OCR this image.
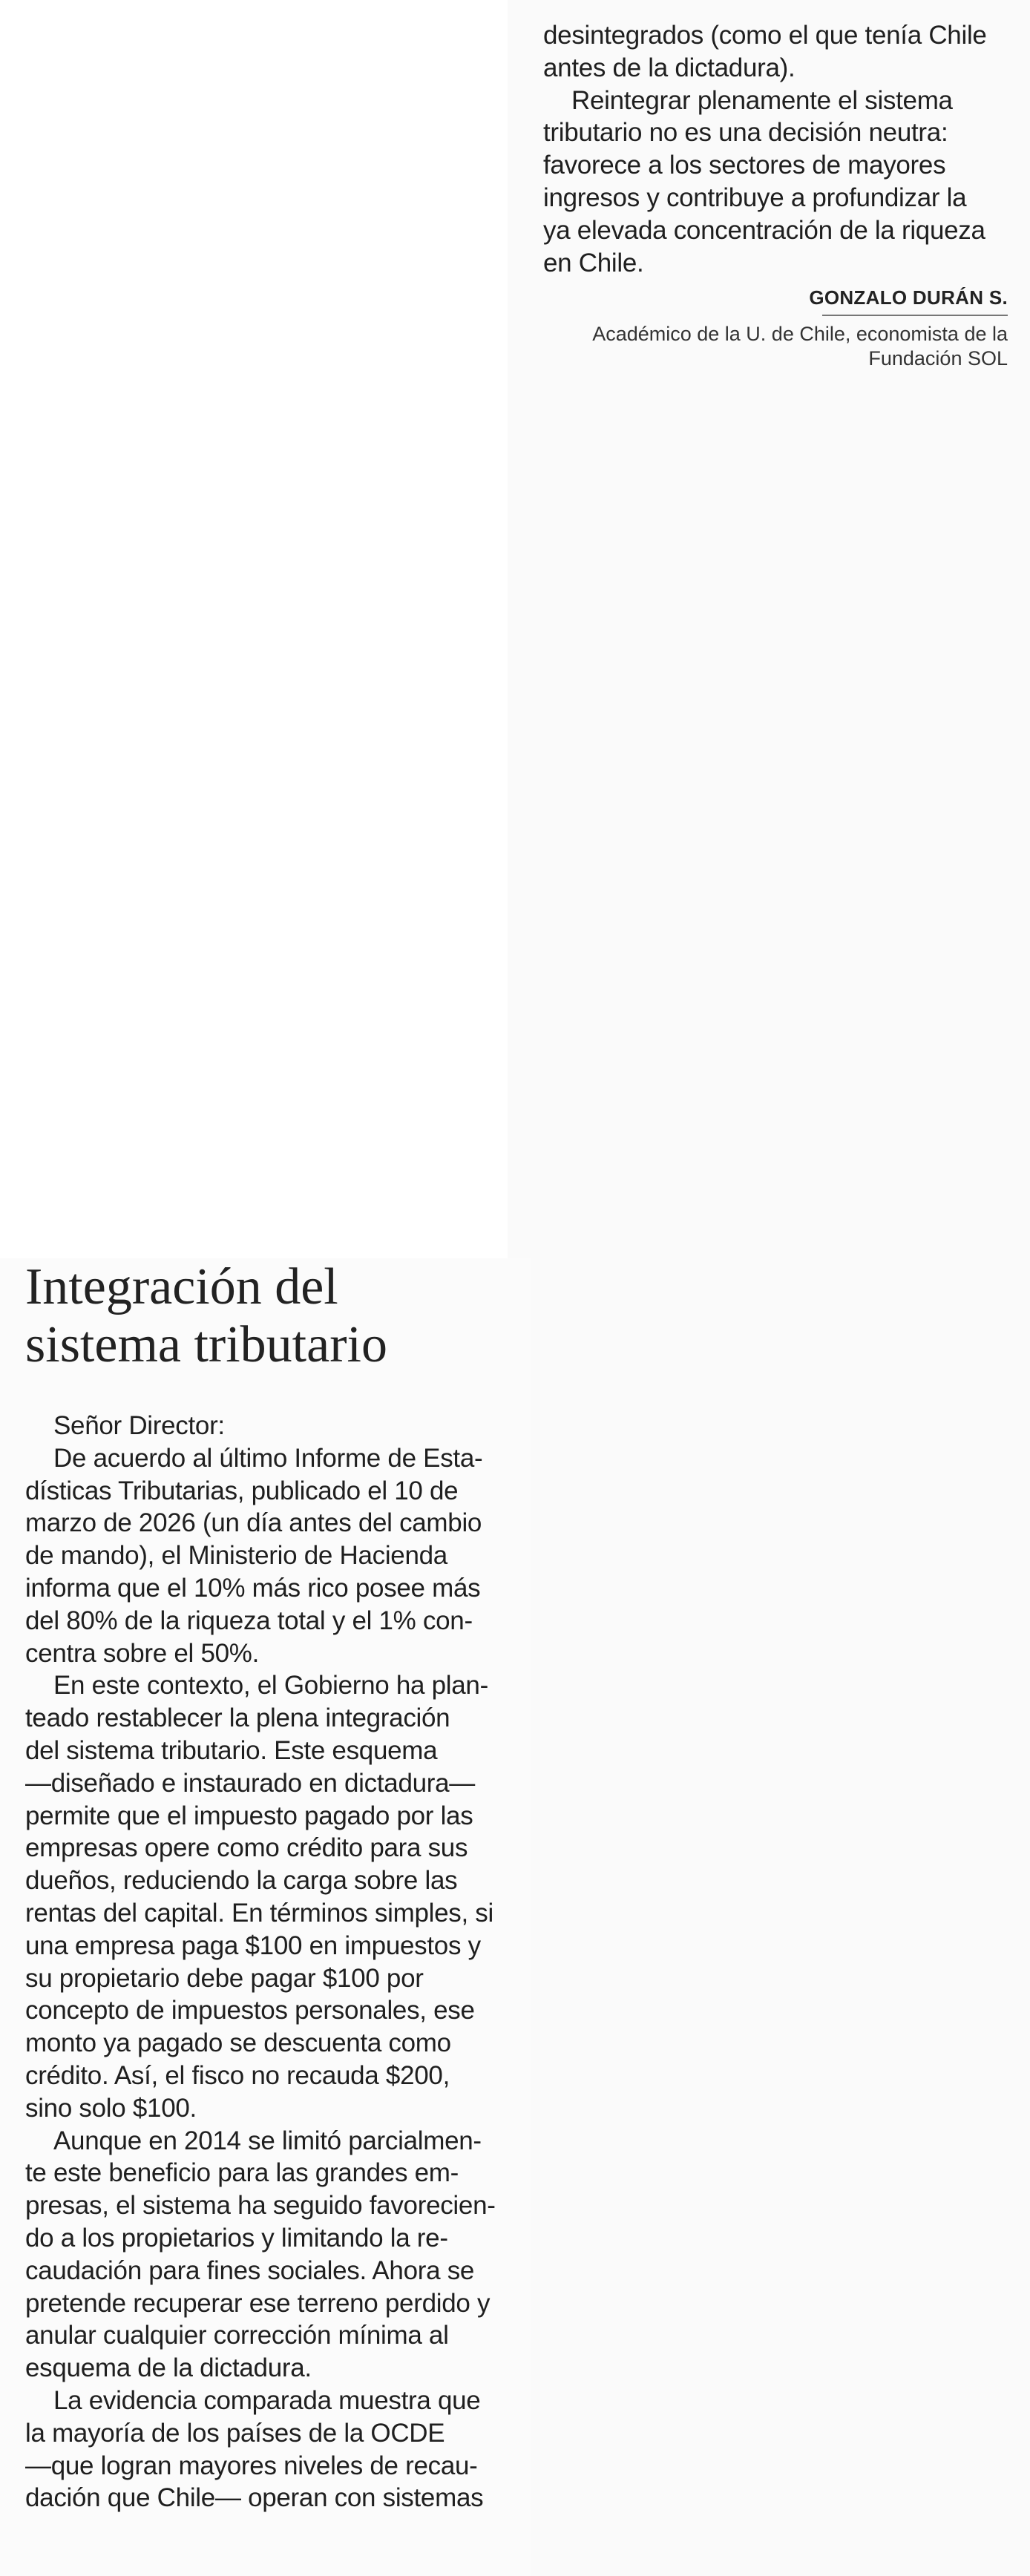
desintegrados (como el que tenía Chile
antes de la dictadura).
Reintegrar plenamente el sistema
tributario no es una decisión neutra:
favorece a los sectores de mayores
ingresos y contribuye a profundizar la
ya elevada concentración de la riqueza
en Chile.
GONZALO DURÁN S.
Académico de la U. de Chile, economista de la
Fundación SOL
Integración del
sistema tributario
Señor Director:
De acuerdo al último Informe de Esta-
dísticas Tributarias, publicado el 10 de
marzo de 2026 (un día antes del cambio
de mando), el Ministerio de Hacienda
informa que el 10% más rico posee más
del 80% de la riqueza total y el 1% con-
centra sobre el 50%.
En este contexto, el Gobierno ha plan-
teado restablecer la plena integración
del sistema tributario. Este esquema
—diseñado e instaurado en dictadura—
permite que el impuesto pagado por las
empresas opere como crédito para sus
dueños, reduciendo la carga sobre las
rentas del capital. En términos simples, si
una empresa paga $100 en impuestos y
su propietario debe pagar $100 por
concepto de impuestos personales, ese
monto ya pagado se descuenta como
crédito. Así, el fisco no recauda $200,
sino solo $100.
Aunque en 2014 se limitó parcialmen-
te este beneficio para las grandes em-
presas, el sistema ha seguido favorecien-
do a los propietarios y limitando la re-
caudación para fines sociales. Ahora se
pretende recuperar ese terreno perdido y
anular cualquier corrección mínima al
esquema de la dictadura.
La evidencia comparada muestra que
la mayoría de los países de la OCDE
—que logran mayores niveles de recau-
dación que Chile— operan con sistemas
